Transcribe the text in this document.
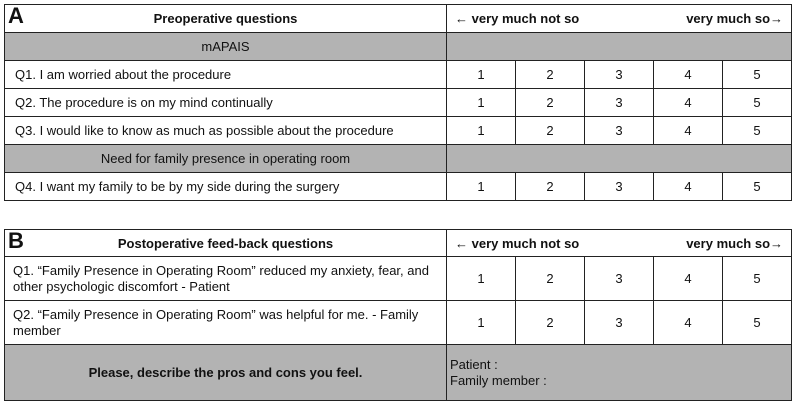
A Preoperative questions	← very much not so very much so→				

mAPAIS					
Q1. I am worried about the procedure	1	2	3	4	5
Q2. The procedure is on my mind continually	1	2	3	4	5
Q3. I would like to know as much as possible about the procedure	1	2	3	4	5
Need for family presence in operating room					
Q4. I want my family to be by my side during the surgery	1	2	3	4	5
B Postoperative feed-back questions	← very much not so very much so→				

Q1. “Family Presence in Operating Room” reduced my anxiety, fear, and other psychologic discomfort - Patient	1	2	3	4	5
Q2. “Family Presence in Operating Room” was helpful for me. - Family member	1	2	3	4	5
Please, describe the pros and cons you feel.	Patient :
Family member :				
